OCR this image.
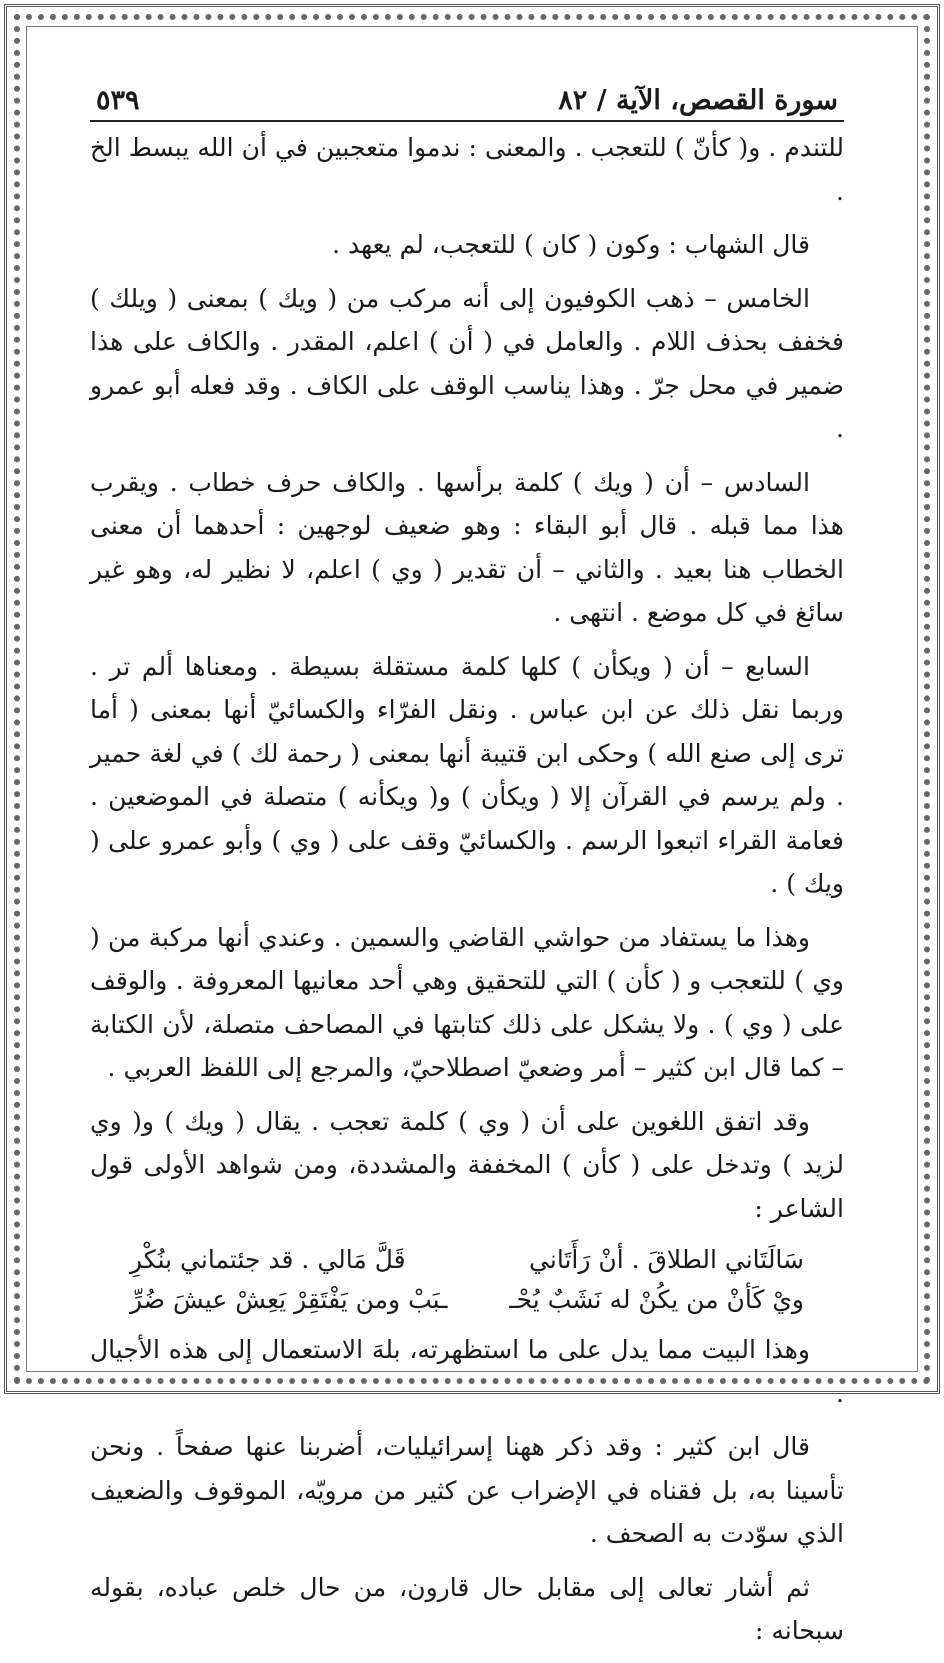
سورة القصص، الآية / ٨٢
٥٣٩

للتندم . و( كأنّ ) للتعجب . والمعنى : ندموا متعجبين في أن الله يبسط الخ .

قال الشهاب : وكون ( كان ) للتعجب، لم يعهد .

الخامس – ذهب الكوفيون إلى أنه مركب من ( ويك ) بمعنى ( ويلك ) فخفف بحذف اللام . والعامل في ( أن ) اعلم، المقدر . والكاف على هذا ضمير في محل جرّ . وهذا يناسب الوقف على الكاف . وقد فعله أبو عمرو .

السادس – أن ( ويك ) كلمة برأسها . والكاف حرف خطاب . ويقرب هذا مما قبله . قال أبو البقاء : وهو ضعيف لوجهين : أحدهما أن معنى الخطاب هنا بعيد . والثاني – أن تقدير ( وي ) اعلم، لا نظير له، وهو غير سائغ في كل موضع . انتهى .

السابع – أن ( ويكأن ) كلها كلمة مستقلة بسيطة . ومعناها ألم تر . وربما نقل ذلك عن ابن عباس . ونقل الفرّاء والكسائيّ أنها بمعنى ( أما ترى إلى صنع الله ) وحكى ابن قتيبة أنها بمعنى ( رحمة لك ) في لغة حمير . ولم يرسم في القرآن إلا ( ويكأن ) و( ويكأنه ) متصلة في الموضعين . فعامة القراء اتبعوا الرسم . والكسائيّ وقف على ( وي ) وأبو عمرو على ( ويك ) .

وهذا ما يستفاد من حواشي القاضي والسمين . وعندي أنها مركبة من ( وي ) للتعجب و ( كأن ) التي للتحقيق وهي أحد معانيها المعروفة . والوقف على ( وي ) . ولا يشكل على ذلك كتابتها في المصاحف متصلة، لأن الكتابة – كما قال ابن كثير – أمر وضعيّ اصطلاحيّ، والمرجع إلى اللفظ العربي .

وقد اتفق اللغوين على أن ( وي ) كلمة تعجب . يقال ( ويك ) و( وي لزيد ) وتدخل على ( كأن ) المخففة والمشددة، ومن شواهد الأولى قول الشاعر :

سَالَتَاني الطلاقَ . أنْ رَأَتَاني
قَلَّ مَالي . قد جئتماني بنُكْرِ
ويْ كَأنْ من يكُنْ له نَشَبٌ يُحْـ
ـبَبْ ومن يَفْتَقِرْ يَعِشْ عيشَ ضُرِّ

وهذا البيت مما يدل على ما استظهرته، بلهَ الاستعمال إلى هذه الأجيال .

قال ابن كثير : وقد ذكر ههنا إسرائيليات، أضربنا عنها صفحاً . ونحن تأسينا به، بل فقناه في الإضراب عن كثير من مرويّه، الموقوف والضعيف الذي سوّدت به الصحف .

ثم أشار تعالى إلى مقابل حال قارون، من حال خلص عباده، بقوله سبحانه :
